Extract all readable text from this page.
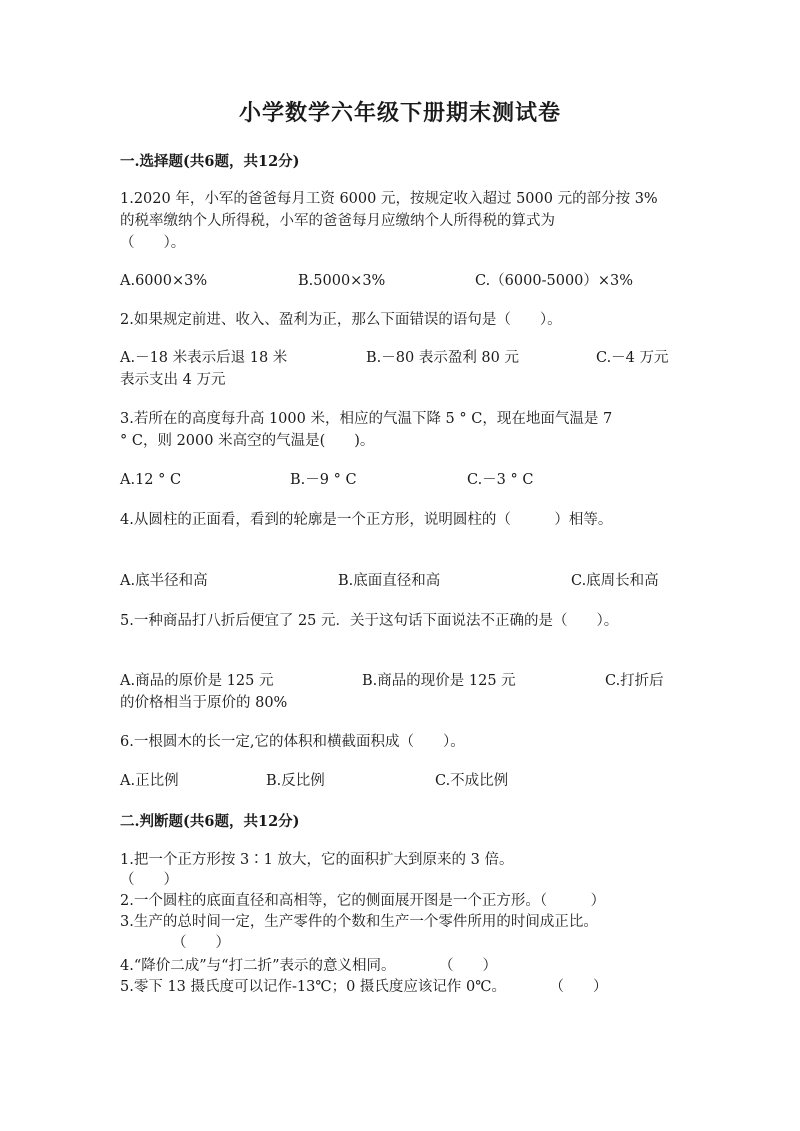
小学数学六年级下册期末测试卷
一.选择题(共6题，共12分)
1.2020 年，小军的爸爸每月工资 6000 元，按规定收入超过 5000 元的部分按 3%
的税率缴纳个人所得税，小军的爸爸每月应缴纳个人所得税的算式为
（　　）。
A.6000×3%	B.5000×3%	C.（6000-5000）×3%
2.如果规定前进、收入、盈利为正，那么下面错误的语句是（　　）。
A.－18 米表示后退 18 米	B.－80 表示盈利 80 元	C.－4 万元
表示支出 4 万元
3.若所在的高度每升高 1000 米，相应的气温下降 5 ° C，现在地面气温是 7
° C，则 2000 米高空的气温是(　　)。
A.12 ° C	B.－9 ° C	C.－3 ° C
4.从圆柱的正面看，看到的轮廓是一个正方形，说明圆柱的（　　　）相等。
A.底半径和高	B.底面直径和高	C.底周长和高
5.一种商品打八折后便宜了 25 元．关于这句话下面说法不正确的是（　　）。
A.商品的原价是 125 元	B.商品的现价是 125 元	C.打折后
的价格相当于原价的 80%
6.一根圆木的长一定,它的体积和横截面积成（　　）。
A.正比例	B.反比例	C.不成比例
二.判断题(共6题，共12分)
1.把一个正方形按 3∶1 放大，它的面积扩大到原来的 3 倍。
（　　）
2.一个圆柱的底面直径和高相等，它的侧面展开图是一个正方形。（　　　）
3.生产的总时间一定，生产零件的个数和生产一个零件所用的时间成正比。
（　　）
4.“降价二成”与“打二折”表示的意义相同。　　　　（　　）
5.零下 13 摄氏度可以记作-13℃；0 摄氏度应该记作 0℃。　　　　（　　）
